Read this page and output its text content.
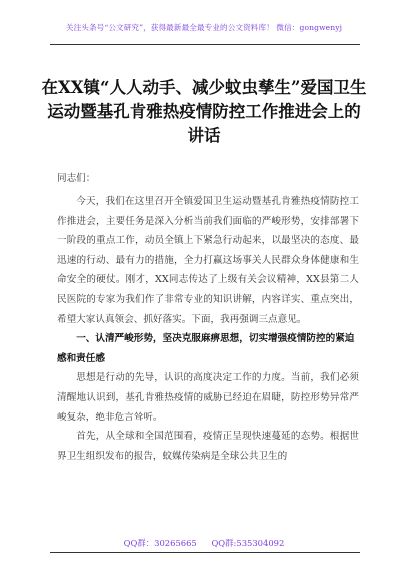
关注头条号“公文研究”，获得最新最全最专业的公文资料库！ 微信：gongwenyj
在XX镇“人人动手、减少蚊虫孳生”爱国卫生运动暨基孔肯雅热疫情防控工作推进会上的讲话
同志们：

今天，我们在这里召开全镇爱国卫生运动暨基孔肯雅热疫情防控工作推进会，主要任务是深入分析当前我们面临的严峻形势，安排部署下一阶段的重点工作，动员全镇上下紧急行动起来，以最坚决的态度、最迅速的行动、最有力的措施，全力打赢这场事关人民群众身体健康和生命安全的硬仗。刚才，XX同志传达了上级有关会议精神，XX县第二人民医院的专家为我们作了非常专业的知识讲解，内容详实、重点突出，希望大家认真领会、抓好落实。下面，我再强调三点意见。

一、认清严峻形势，坚决克服麻痹思想，切实增强疫情防控的紧迫感和责任感

思想是行动的先导，认识的高度决定工作的力度。当前，我们必须清醒地认识到，基孔肯雅热疫情的威胁已经迫在眉睫，防控形势异常严峻复杂，绝非危言耸听。

首先，从全球和全国范围看，疫情正呈现快速蔓延的态势。根据世界卫生组织发布的报告，蚊媒传染病是全球公共卫生的

QQ群：30265665 QQ群:535304092
